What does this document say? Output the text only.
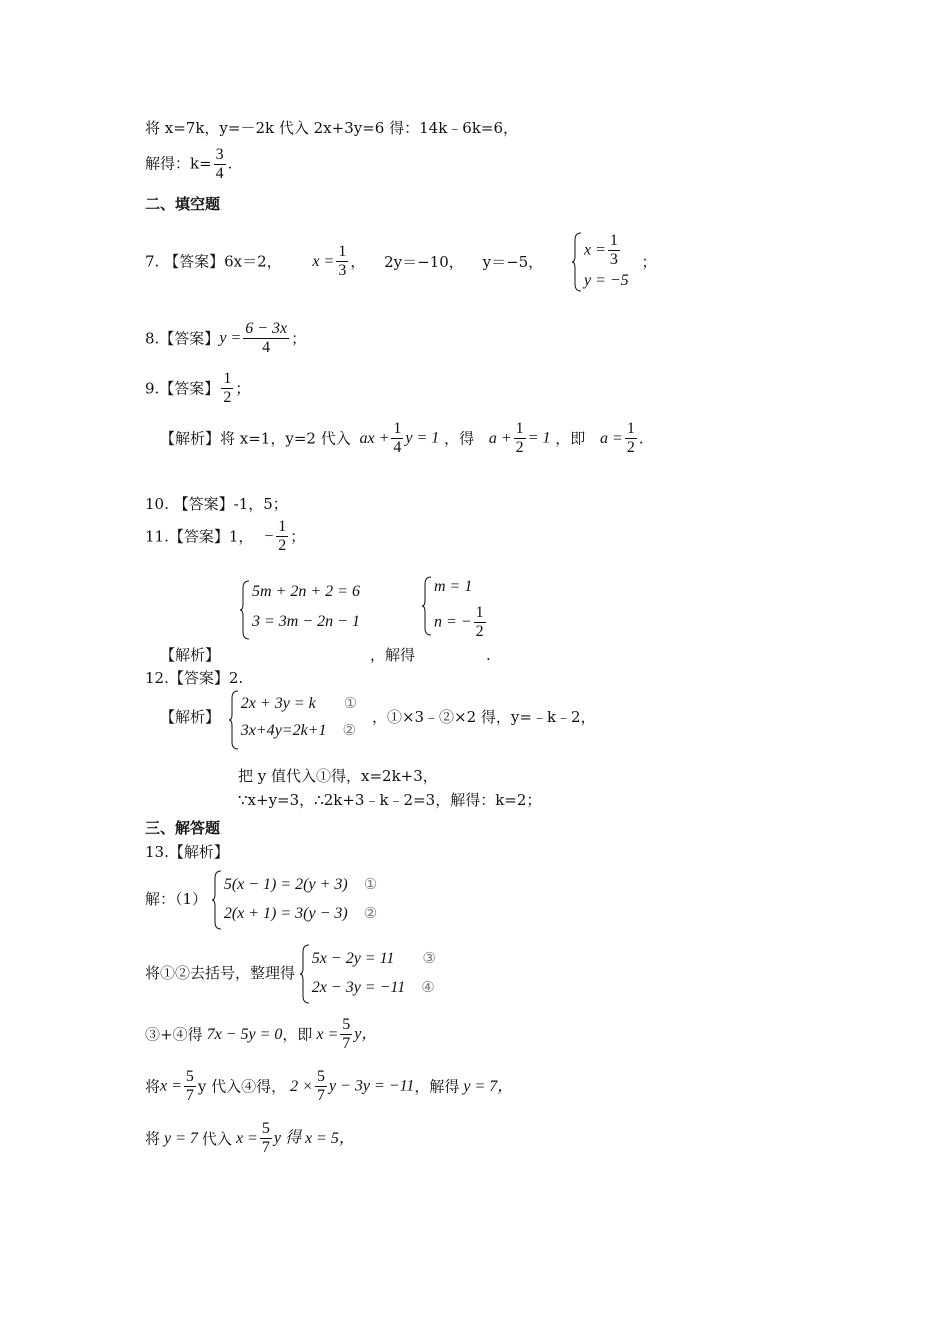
将 x=7k，y=－2k 代入 2x+3y=6 得：14k﹣6k=6，
解得：$k= \frac{3}{4}$ .
二、填空题
7. 【答案】6x＝2， $x = \frac{1}{3}$ ， 2y＝−10， y＝−5，
$x = \frac{1}{3}$
y = −5
；
8.【答案】$y = \frac{6 - 3x}{4}$ ；
9.【答案】 $\frac{1}{2}$ ；
【解析】将 x=1，y=2 代入 ax + $\frac{1}{4}$ y = 1 ，得 $a + \frac{1}{2} = 1$ ，即 $a = \frac{1}{2}$ .
10. 【答案】-1，5；
11.【答案】1， − $\frac{1}{2}$ ；
5m + 2n + 2 = 6
3 = 3m − 2n − 1
m = 1
n = − $\frac{1}{2}$
【解析】	，解得	.
12.【答案】2.
【解析】
2x + 3y = k ①
3x+4y=2k+1 ②
，①×3﹣②×2 得，y=﹣k﹣2，
把 y 值代入①得，x=2k+3，
∵x+y=3，∴2k+3﹣k﹣2=3，解得：k=2；
三、解答题
13.【解析】
解：（1）
5(x − 1) = 2(y + 3) ①
2(x + 1) = 3(y − 3) ②
将①②去括号，整理得
5x − 2y = 11 ③
2x − 3y = −11 ④
③+④得 7x − 5y = 0，即 $x = \frac{5}{7}$ y，
将$x = \frac{5}{7}$ y 代入④得， $2 \times \frac{5}{7}$ y − 3y = −11，解得 y = 7，
将 y = 7 代入 $x = \frac{5}{7}$ y 得 x = 5，
